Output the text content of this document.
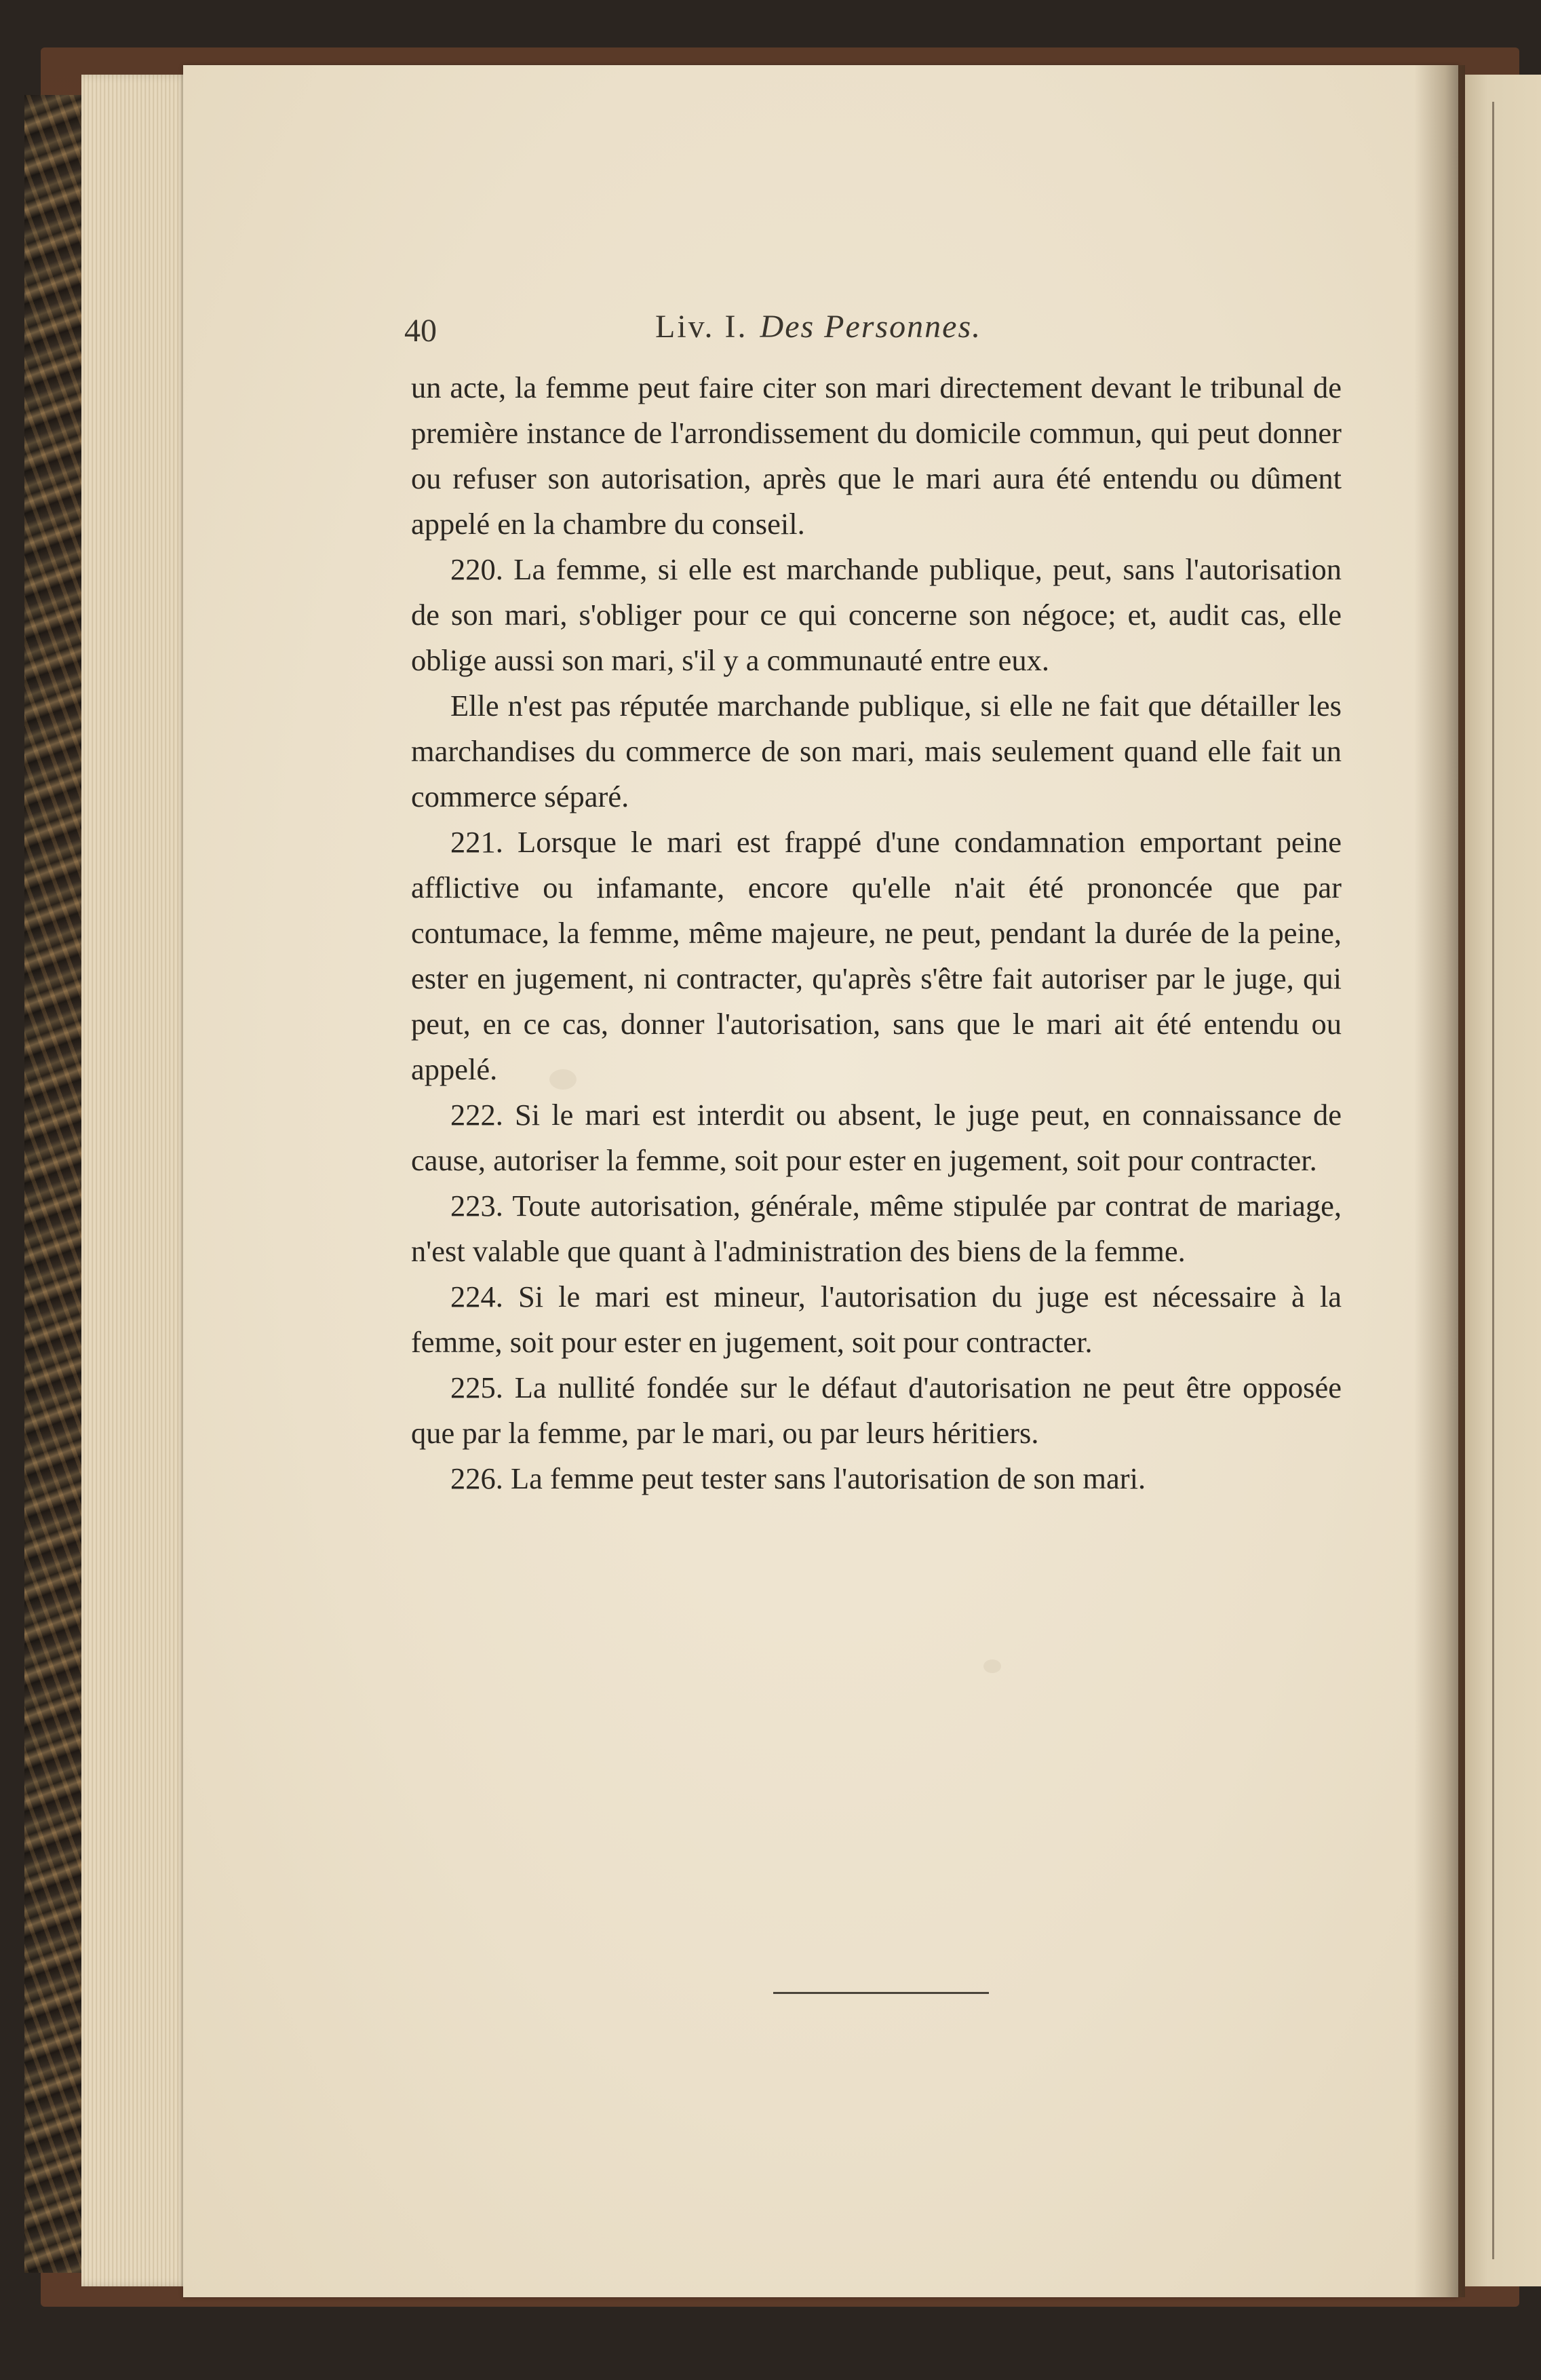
40	Liv. I. Des Personnes.

un acte, la femme peut faire citer son mari directement devant le tribunal de première instance de l'arrondissement du domicile commun, qui peut donner ou refuser son autorisation, après que le mari aura été entendu ou dûment appelé en la chambre du conseil.

220. La femme, si elle est marchande publique, peut, sans l'autorisation de son mari, s'obliger pour ce qui concerne son négoce; et, audit cas, elle oblige aussi son mari, s'il y a communauté entre eux.

Elle n'est pas réputée marchande publique, si elle ne fait que détailler les marchandises du commerce de son mari, mais seulement quand elle fait un commerce séparé.

221. Lorsque le mari est frappé d'une condamnation emportant peine afflictive ou infamante, encore qu'elle n'ait été prononcée que par contumace, la femme, même majeure, ne peut, pendant la durée de la peine, ester en jugement, ni contracter, qu'après s'être fait autoriser par le juge, qui peut, en ce cas, donner l'autorisation, sans que le mari ait été entendu ou appelé.

222. Si le mari est interdit ou absent, le juge peut, en connaissance de cause, autoriser la femme, soit pour ester en jugement, soit pour contracter.

223. Toute autorisation, générale, même stipulée par contrat de mariage, n'est valable que quant à l'administration des biens de la femme.

224. Si le mari est mineur, l'autorisation du juge est nécessaire à la femme, soit pour ester en jugement, soit pour contracter.

225. La nullité fondée sur le défaut d'autorisation ne peut être opposée que par la femme, par le mari, ou par leurs héritiers.

226. La femme peut tester sans l'autorisation de son mari.
